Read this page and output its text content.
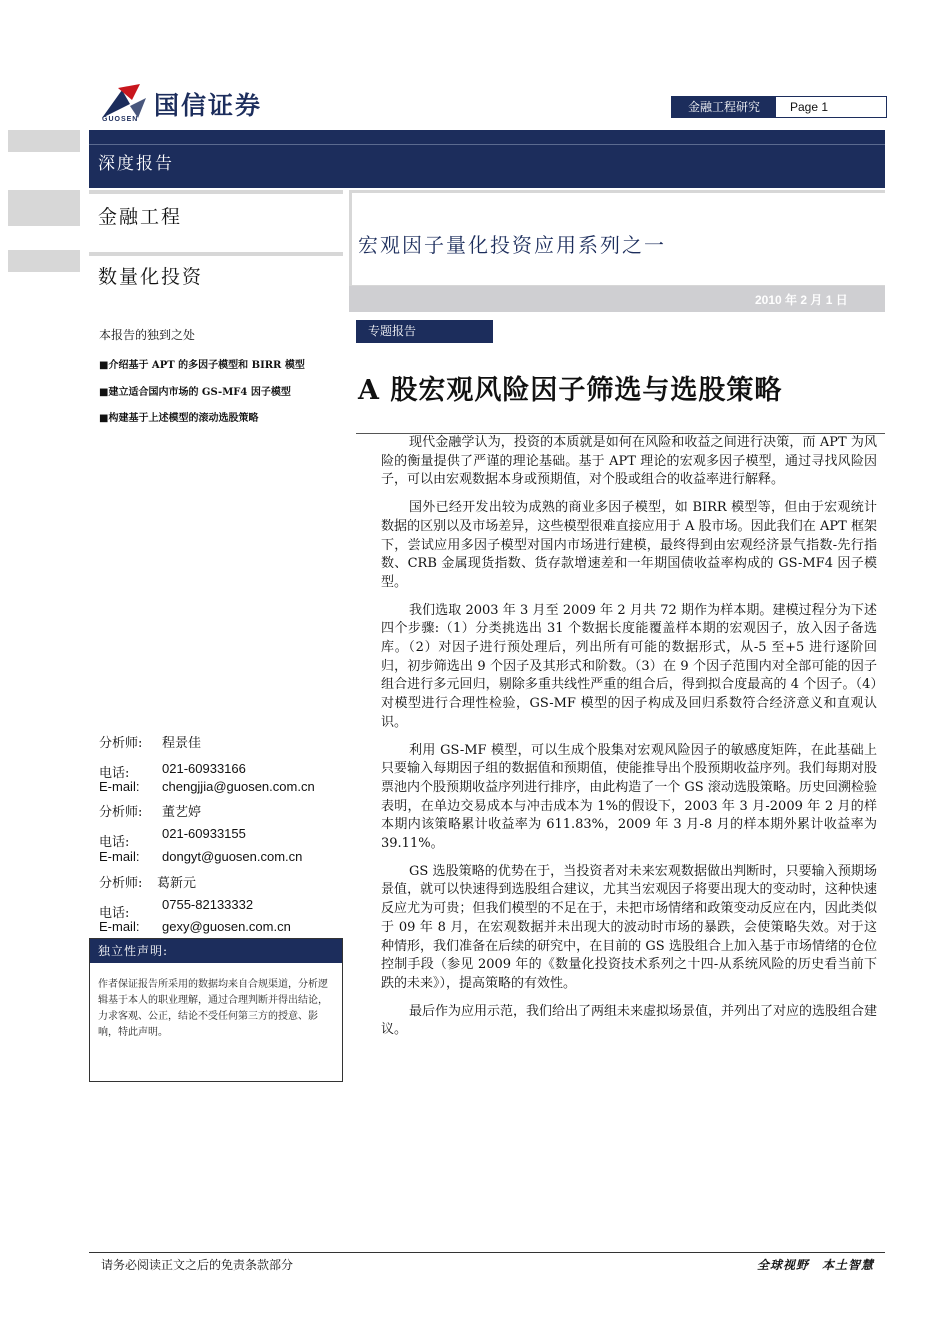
国信证券
GUOSEN
金融工程研究	Page 1
深度报告
金融工程
数量化投资
宏观因子量化投资应用系列之一
2010 年 2 月 1 日
本报告的独到之处
■介绍基于 APT 的多因子模型和 BIRR 模型
■建立适合国内市场的 GS-MF4 因子模型
■构建基于上述模型的滚动选股策略
分析师: 程景佳
电话:	021-60933166
E-mail: chengjjia@guosen.com.cn
分析师: 董艺婷
电话:
021-60933155
E-mail: dongyt@guosen.com.cn
分析师: 葛新元
电话:
0755-82133332
E-mail: gexy@guosen.com.cn
独立性声明:
作者保证报告所采用的数据均来自合规渠道，分析逻辑基于本人的职业理解，通过合理判断并得出结论，力求客观、公正，结论不受任何第三方的授意、影响，特此声明。
专题报告
A 股宏观风险因子筛选与选股策略

现代金融学认为，投资的本质就是如何在风险和收益之间进行决策，而 APT 为风险的衡量提供了严谨的理论基础。基于 APT 理论的宏观多因子模型，通过寻找风险因子，可以由宏观数据本身或预期值，对个股或组合的收益率进行解释。

国外已经开发出较为成熟的商业多因子模型，如 BIRR 模型等，但由于宏观统计数据的区别以及市场差异，这些模型很难直接应用于 A 股市场。因此我们在 APT 框架下，尝试应用多因子模型对国内市场进行建模，最终得到由宏观经济景气指数-先行指数、CRB 金属现货指数、货存款增速差和一年期国债收益率构成的 GS-MF4 因子模型。

我们选取 2003 年 3 月至 2009 年 2 月共 72 期作为样本期。建模过程分为下述四个步骤:（1）分类挑选出 31 个数据长度能覆盖样本期的宏观因子，放入因子备选库。（2）对因子进行预处理后，列出所有可能的数据形式，从-5 至+5 进行逐阶回归，初步筛选出 9 个因子及其形式和阶数。（3）在 9 个因子范围内对全部可能的因子组合进行多元回归，剔除多重共线性严重的组合后，得到拟合度最高的 4 个因子。（4）对模型进行合理性检验，GS-MF 模型的因子构成及回归系数符合经济意义和直观认识。

利用 GS-MF 模型，可以生成个股集对宏观风险因子的敏感度矩阵，在此基础上只要输入每期因子组的数据值和预期值，使能推导出个股预期收益序列。我们每期对股票池内个股预期收益序列进行排序，由此构造了一个 GS 滚动选股策略。历史回溯检验表明，在单边交易成本与冲击成本为 1%的假设下，2003 年 3 月-2009 年 2 月的样本期内该策略累计收益率为 611.83%，2009 年 3 月-8 月的样本期外累计收益率为 39.11%。

GS 选股策略的优势在于，当投资者对未来宏观数据做出判断时，只要输入预期场景值，就可以快速得到选股组合建议，尤其当宏观因子将要出现大的变动时，这种快速反应尤为可贵；但我们模型的不足在于，未把市场情绪和政策变动反应在内，因此类似于 09 年 8 月，在宏观数据并未出现大的波动时市场的暴跌，会使策略失效。对于这种情形，我们准备在后续的研究中，在目前的 GS 选股组合上加入基于市场情绪的仓位控制手段（参见 2009 年的《数量化投资技术系列之十四-从系统风险的历史看当前下跌的未来》），提高策略的有效性。

最后作为应用示范，我们给出了两组未来虚拟场景值，并列出了对应的选股组合建议。

请务必阅读正文之后的免责条款部分	全球视野　本土智慧
